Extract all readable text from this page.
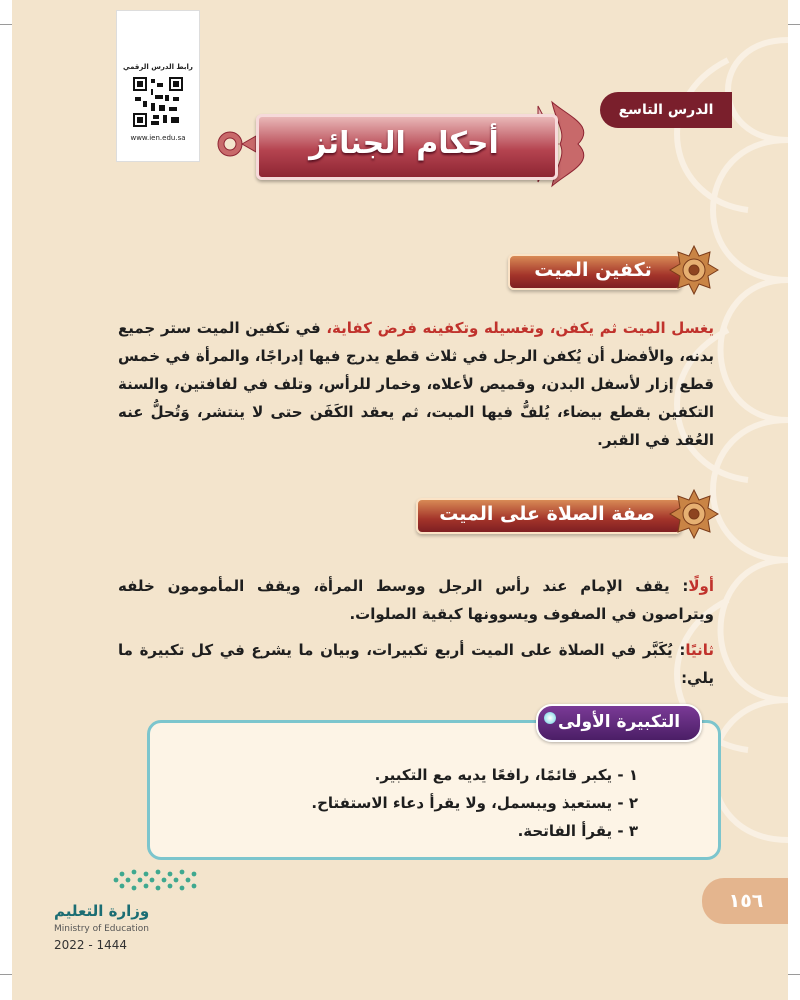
رابط الدرس الرقمي
www.ien.edu.sa
الدرس التاسع
أحكام الجنائز
تكفين الميت
يغسل الميت ثم يكفن، وتغسيله وتكفينه فرض كفاية، في تكفين الميت ستر جميع بدنه، والأفضل أن يُكفن الرجل في ثلاث قطع يدرج فيها إدراجًا، والمرأة في خمس قطع إزار لأسفل البدن، وقميص لأعلاه، وخمار للرأس، وتلف في لفافتين، والسنة التكفين بقطع بيضاء، يُلفُّ فيها الميت، ثم يعقد الكَفَن حتى لا ينتشر، وَتُحلُّ عنه العُقد في القبر.
صفة الصلاة على الميت
أولًا: يقف الإمام عند رأس الرجل ووسط المرأة، ويقف المأمومون خلفه ويتراصون في الصفوف ويسوونها كبقية الصلوات.
ثانيًا: يُكَبَّر في الصلاة على الميت أربع تكبيرات، وبيان ما يشرع في كل تكبيرة ما يلي:
التكبيرة الأولى
١ - يكبر قائمًا، رافعًا يديه مع التكبير.
٢ - يستعيذ ويبسمل، ولا يقرأ دعاء الاستفتاح.
٣ - يقرأ الفاتحة.
١٥٦
وزارة التعليم
Ministry of Education
2022 - 1444
